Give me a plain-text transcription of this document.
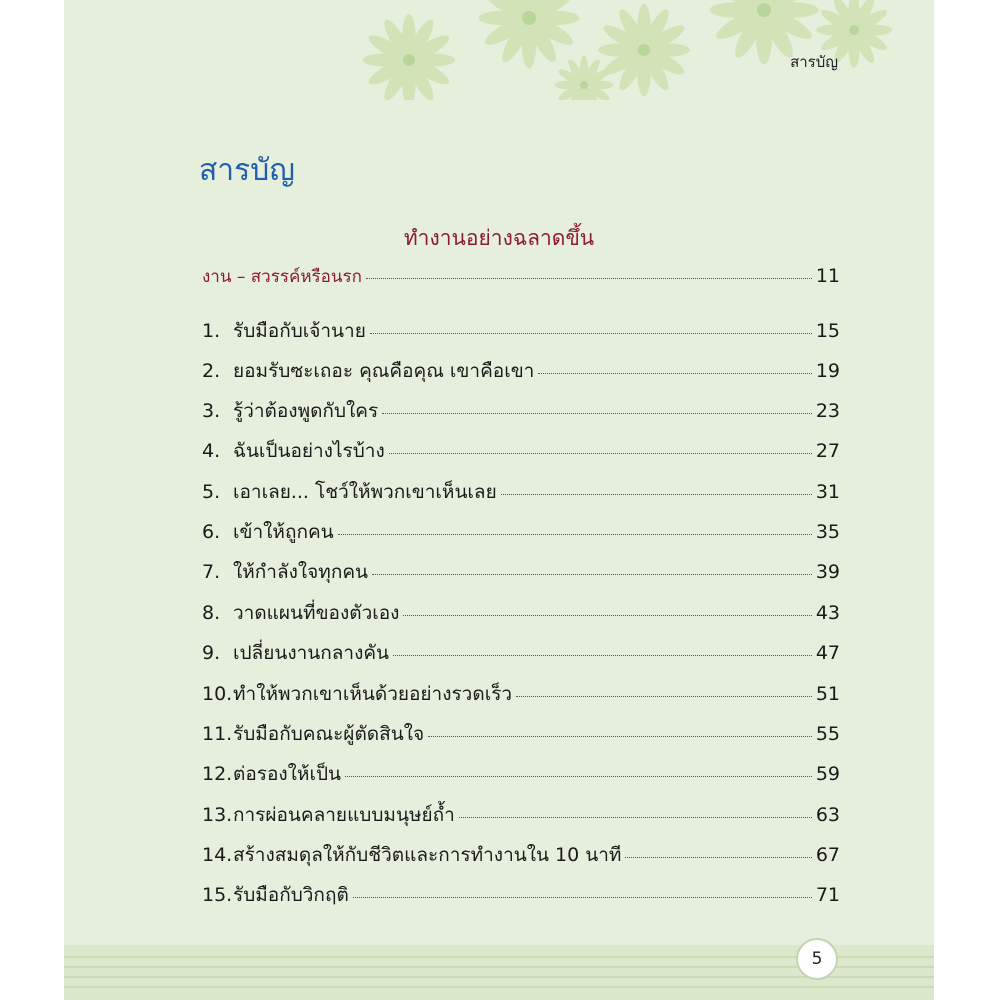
สารบัญ
สารบัญ
ทำงานอย่างฉลาดขึ้น
งาน – สวรรค์หรือนรก	11
1. รับมือกับเจ้านาย	15
2. ยอมรับซะเถอะ คุณคือคุณ เขาคือเขา	19
3. รู้ว่าต้องพูดกับใคร	23
4. ฉันเป็นอย่างไรบ้าง	27
5. เอาเลย... โชว์ให้พวกเขาเห็นเลย	31
6. เข้าให้ถูกคน	35
7. ให้กำลังใจทุกคน	39
8. วาดแผนที่ของตัวเอง	43
9. เปลี่ยนงานกลางคัน	47
10. ทำให้พวกเขาเห็นด้วยอย่างรวดเร็ว	51
11. รับมือกับคณะผู้ตัดสินใจ	55
12. ต่อรองให้เป็น	59
13. การผ่อนคลายแบบมนุษย์ถ้ำ	63
14. สร้างสมดุลให้กับชีวิตและการทำงานใน 10 นาที	67
15. รับมือกับวิกฤติ	71
5
